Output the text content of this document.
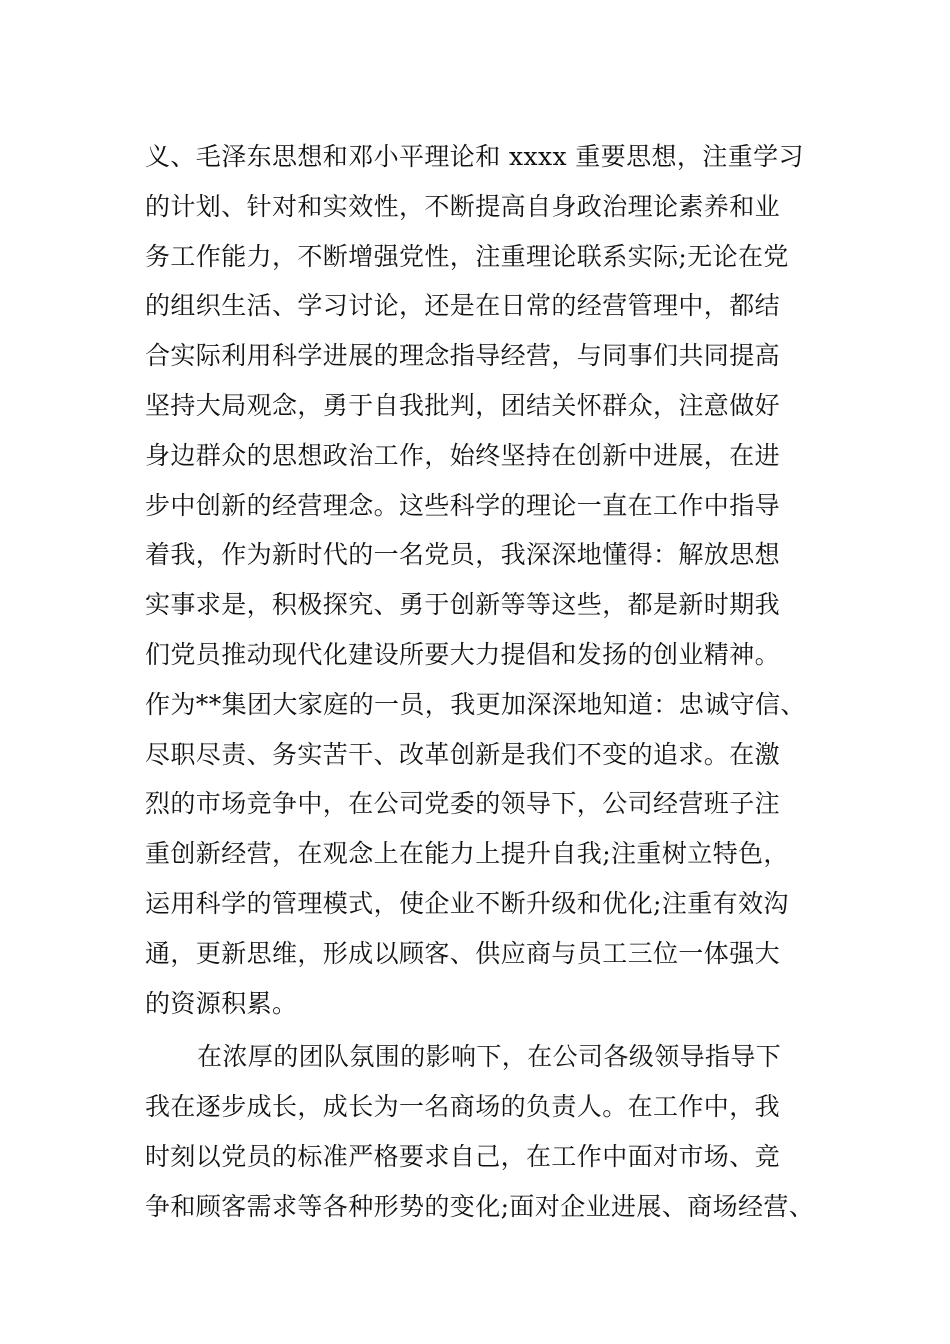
义、毛泽东思想和邓小平理论和 xxxx 重要思想，注重学习
的计划、针对和实效性，不断提高自身政治理论素养和业
务工作能力，不断增强党性，注重理论联系实际;无论在党
的组织生活、学习讨论，还是在日常的经营管理中，都结
合实际利用科学进展的理念指导经营，与同事们共同提高
坚持大局观念，勇于自我批判，团结关怀群众，注意做好
身边群众的思想政治工作，始终坚持在创新中进展，在进
步中创新的经营理念。这些科学的理论一直在工作中指导
着我，作为新时代的一名党员，我深深地懂得：解放思想
实事求是，积极探究、勇于创新等等这些，都是新时期我
们党员推动现代化建设所要大力提倡和发扬的创业精神。
作为**集团大家庭的一员，我更加深深地知道：忠诚守信、
尽职尽责、务实苦干、改革创新是我们不变的追求。在激
烈的市场竞争中，在公司党委的领导下，公司经营班子注
重创新经营，在观念上在能力上提升自我;注重树立特色，
运用科学的管理模式，使企业不断升级和优化;注重有效沟
通，更新思维，形成以顾客、供应商与员工三位一体强大
的资源积累。
在浓厚的团队氛围的影响下，在公司各级领导指导下
我在逐步成长，成长为一名商场的负责人。在工作中，我
时刻以党员的标准严格要求自己，在工作中面对市场、竞
争和顾客需求等各种形势的变化;面对企业进展、商场经营、
